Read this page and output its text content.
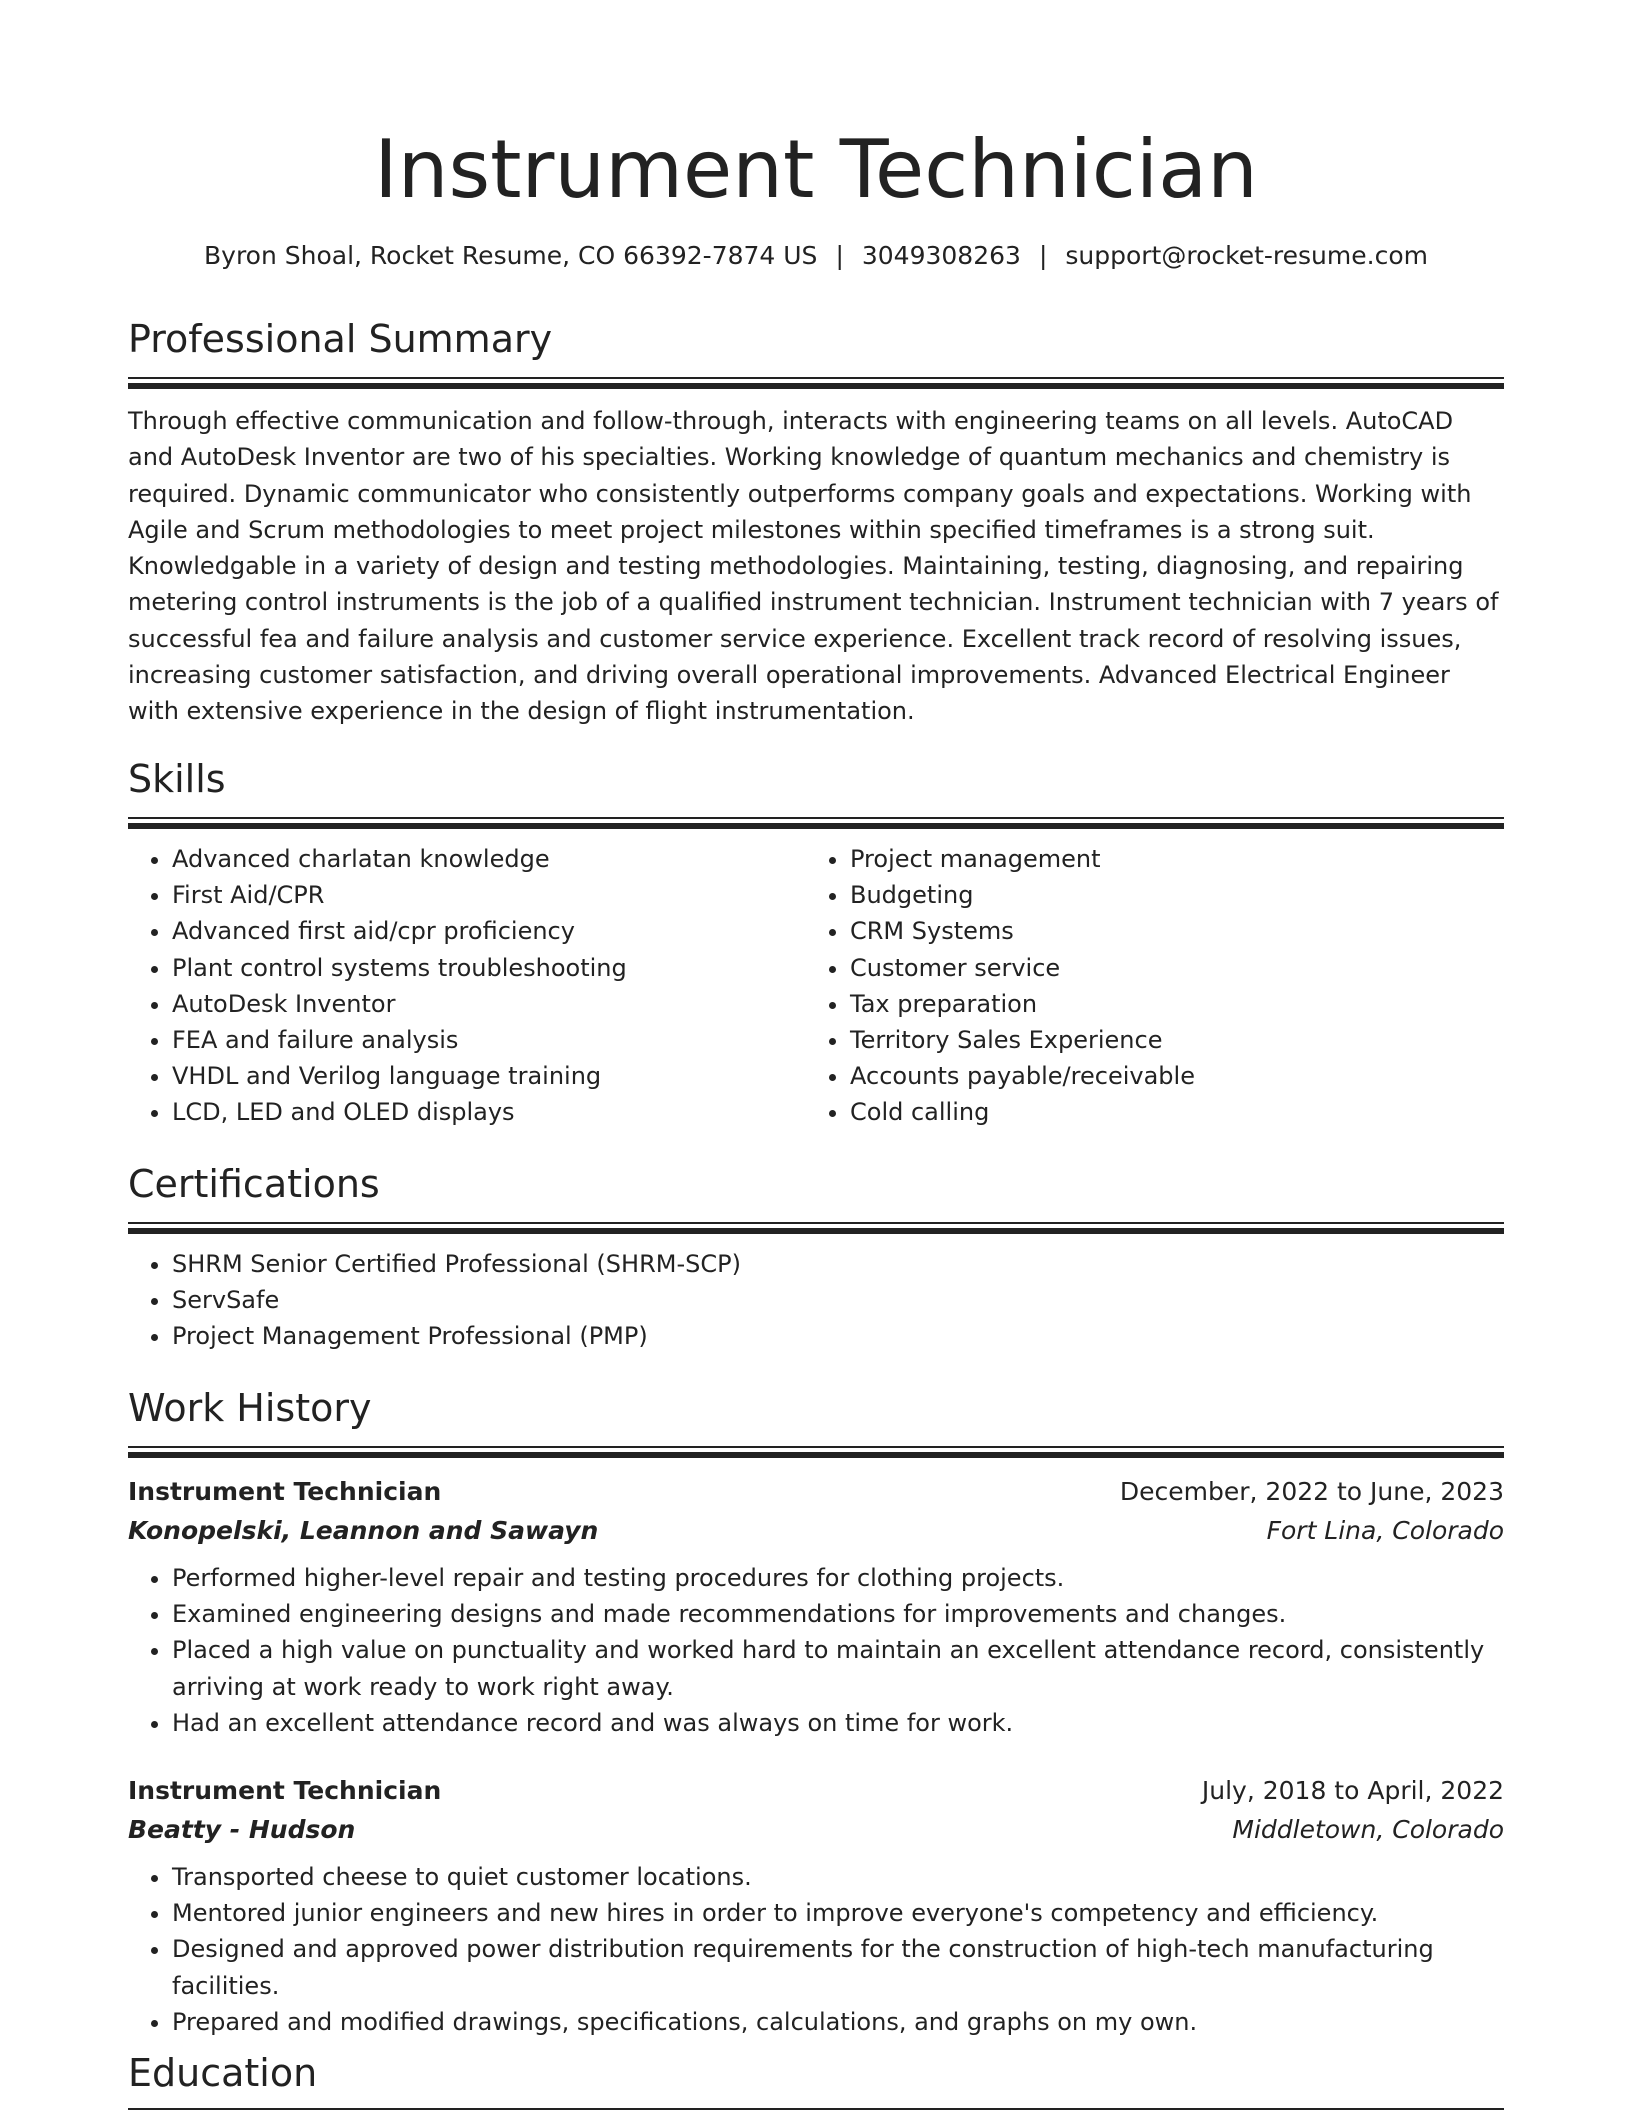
Instrument Technician
Byron Shoal, Rocket Resume, CO 66392-7874 US | 3049308263 | support@rocket-resume.com
Professional Summary

Through effective communication and follow-through, interacts with engineering teams on all levels. AutoCAD and AutoDesk Inventor are two of his specialties. Working knowledge of quantum mechanics and chemistry is required. Dynamic communicator who consistently outperforms company goals and expectations. Working with Agile and Scrum methodologies to meet project milestones within specified timeframes is a strong suit. Knowledgable in a variety of design and testing methodologies. Maintaining, testing, diagnosing, and repairing metering control instruments is the job of a qualified instrument technician. Instrument technician with 7 years of successful fea and failure analysis and customer service experience. Excellent track record of resolving issues, increasing customer satisfaction, and driving overall operational improvements. Advanced Electrical Engineer with extensive experience in the design of flight instrumentation.

Skills
• Advanced charlatan knowledge
• First Aid/CPR
• Advanced first aid/cpr proficiency
• Plant control systems troubleshooting
• AutoDesk Inventor
• FEA and failure analysis
• VHDL and Verilog language training
• LCD, LED and OLED displays
• Project management
• Budgeting
• CRM Systems
• Customer service
• Tax preparation
• Territory Sales Experience
• Accounts payable/receivable
• Cold calling
Certifications
• SHRM Senior Certified Professional (SHRM-SCP)
• ServSafe
• Project Management Professional (PMP)
Work History
Instrument Technician	December, 2022 to June, 2023
Konopelski, Leannon and Sawayn	Fort Lina, Colorado
• Performed higher-level repair and testing procedures for clothing projects.
• Examined engineering designs and made recommendations for improvements and changes.
• Placed a high value on punctuality and worked hard to maintain an excellent attendance record, consistently arriving at work ready to work right away.
• Had an excellent attendance record and was always on time for work.
Instrument Technician	July, 2018 to April, 2022
Beatty - Hudson	Middletown, Colorado
• Transported cheese to quiet customer locations.
• Mentored junior engineers and new hires in order to improve everyone's competency and efficiency.
• Designed and approved power distribution requirements for the construction of high-tech manufacturing facilities.
• Prepared and modified drawings, specifications, calculations, and graphs on my own.
Education
